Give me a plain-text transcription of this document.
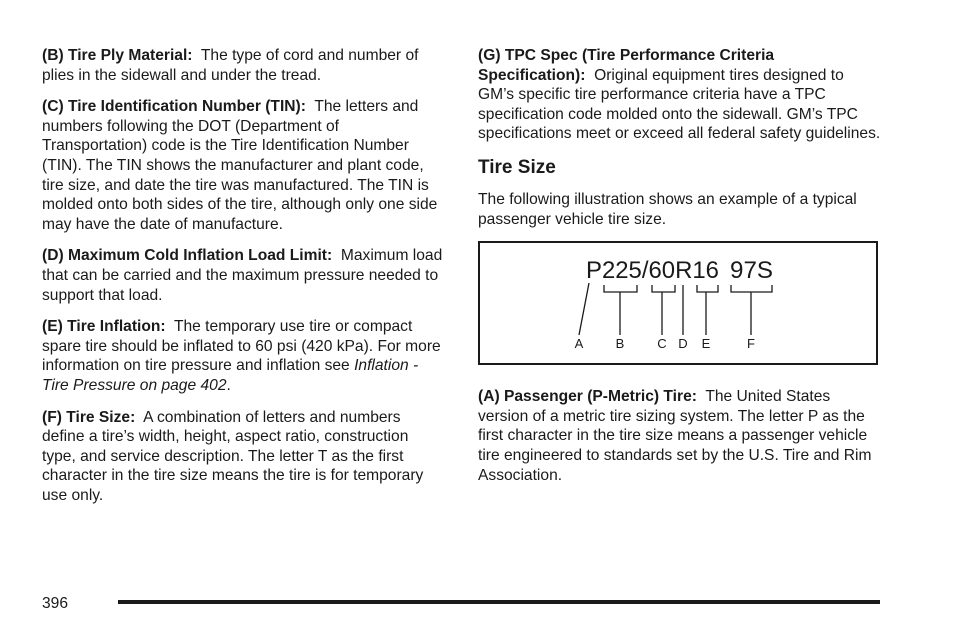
(B) Tire Ply Material: The type of cord and number of plies in the sidewall and under the tread.

(C) Tire Identification Number (TIN): The letters and numbers following the DOT (Department of Transportation) code is the Tire Identification Number (TIN). The TIN shows the manufacturer and plant code, tire size, and date the tire was manufactured. The TIN is molded onto both sides of the tire, although only one side may have the date of manufacture.

(D) Maximum Cold Inflation Load Limit: Maximum load that can be carried and the maximum pressure needed to support that load.

(E) Tire Inflation: The temporary use tire or compact spare tire should be inflated to 60 psi (420 kPa). For more information on tire pressure and inflation see Inflation - Tire Pressure on page 402.

(F) Tire Size: A combination of letters and numbers define a tire’s width, height, aspect ratio, construction type, and service description. The letter T as the first character in the tire size means the tire is for temporary use only.

(G) TPC Spec (Tire Performance Criteria Specification): Original equipment tires designed to GM’s specific tire performance criteria have a TPC specification code molded onto the sidewall. GM’s TPC specifications meet or exceed all federal safety guidelines.

Tire Size

The following illustration shows an example of a typical passenger vehicle tire size.

P225/60R16 97S
A B	C D E	F

(A) Passenger (P-Metric) Tire: The United States version of a metric tire sizing system. The letter P as the first character in the tire size means a passenger vehicle tire engineered to standards set by the U.S. Tire and Rim Association.

396
